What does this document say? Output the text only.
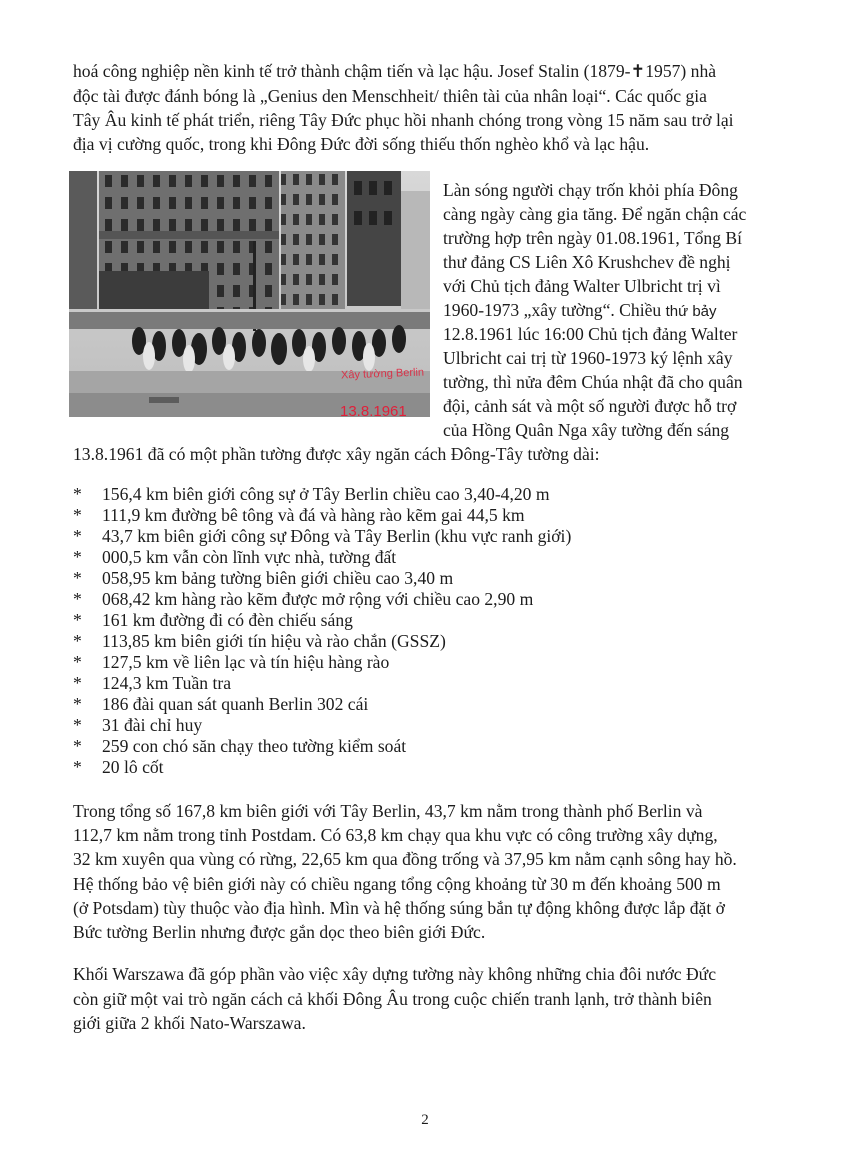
hoá công nghiệp nền kinh tế trở thành chậm tiến và lạc hậu. Josef Stalin (1879-✝1957) nhà
độc tài được đánh bóng là „Genius den Menschheit/ thiên tài của nhân loại“. Các quốc gia
Tây Âu kinh tế phát triển, riêng Tây Đức phục hồi nhanh chóng trong vòng 15 năm sau trở lại
địa vị cường quốc, trong khi Đông Đức đời sống thiếu thốn nghèo khổ và lạc hậu.
Xây tường Berlin
13.8.1961
Làn sóng người chạy trốn khỏi phía Đông
càng ngày càng gia tăng. Để ngăn chận các
trường hợp trên ngày 01.08.1961, Tổng Bí
thư đảng CS Liên Xô Krushchev đề nghị
với Chủ tịch đảng Walter Ulbricht trị vì
1960-1973 „xây tường“. Chiều thứ bảy
12.8.1961 lúc 16:00 Chủ tịch đảng Walter
Ulbricht cai trị từ 1960-1973 ký lệnh xây
tường, thì nửa đêm Chúa nhật đã cho quân
đội, cảnh sát và một số người được hỗ trợ
của Hồng Quân Nga xây tường đến sáng
13.8.1961 đã có một phần tường được xây ngăn cách Đông-Tây tường dài:
* 156,4 km biên giới công sự ở Tây Berlin chiều cao 3,40-4,20 m
* 111,9 km đường bê tông và đá và hàng rào kẽm gai 44,5 km
* 43,7 km biên giới công sự Đông và Tây Berlin (khu vực ranh giới)
* 000,5 km vẫn còn lĩnh vực nhà, tường đất
* 058,95 km bảng tường biên giới chiều cao 3,40 m
* 068,42 km hàng rào kẽm được mở rộng với chiều cao 2,90 m
* 161 km đường đi có đèn chiếu sáng
* 113,85 km biên giới tín hiệu và rào chắn (GSSZ)
* 127,5 km về liên lạc và tín hiệu hàng rào
* 124,3 km Tuần tra
* 186 đài quan sát quanh Berlin 302 cái
* 31 đài chỉ huy
* 259 con chó săn chạy theo tường kiểm soát
* 20 lô cốt
Trong tổng số 167,8 km biên giới với Tây Berlin, 43,7 km nằm trong thành phố Berlin và
112,7 km nằm trong tỉnh Postdam. Có 63,8 km chạy qua khu vực có công trường xây dựng,
32 km xuyên qua vùng có rừng, 22,65 km qua đồng trống và 37,95 km nằm cạnh sông hay hồ.
Hệ thống bảo vệ biên giới này có chiều ngang tổng cộng khoảng từ 30 m đến khoảng 500 m
(ở Potsdam) tùy thuộc vào địa hình. Mìn và hệ thống súng bắn tự động không được lắp đặt ở
Bức tường Berlin nhưng được gắn dọc theo biên giới Đức.
Khối Warszawa đã góp phần vào việc xây dựng tường này không những chia đôi nước Đức
còn giữ một vai trò ngăn cách cả khối Đông Âu trong cuộc chiến tranh lạnh, trở thành biên
giới giữa 2 khối Nato-Warszawa.
2
